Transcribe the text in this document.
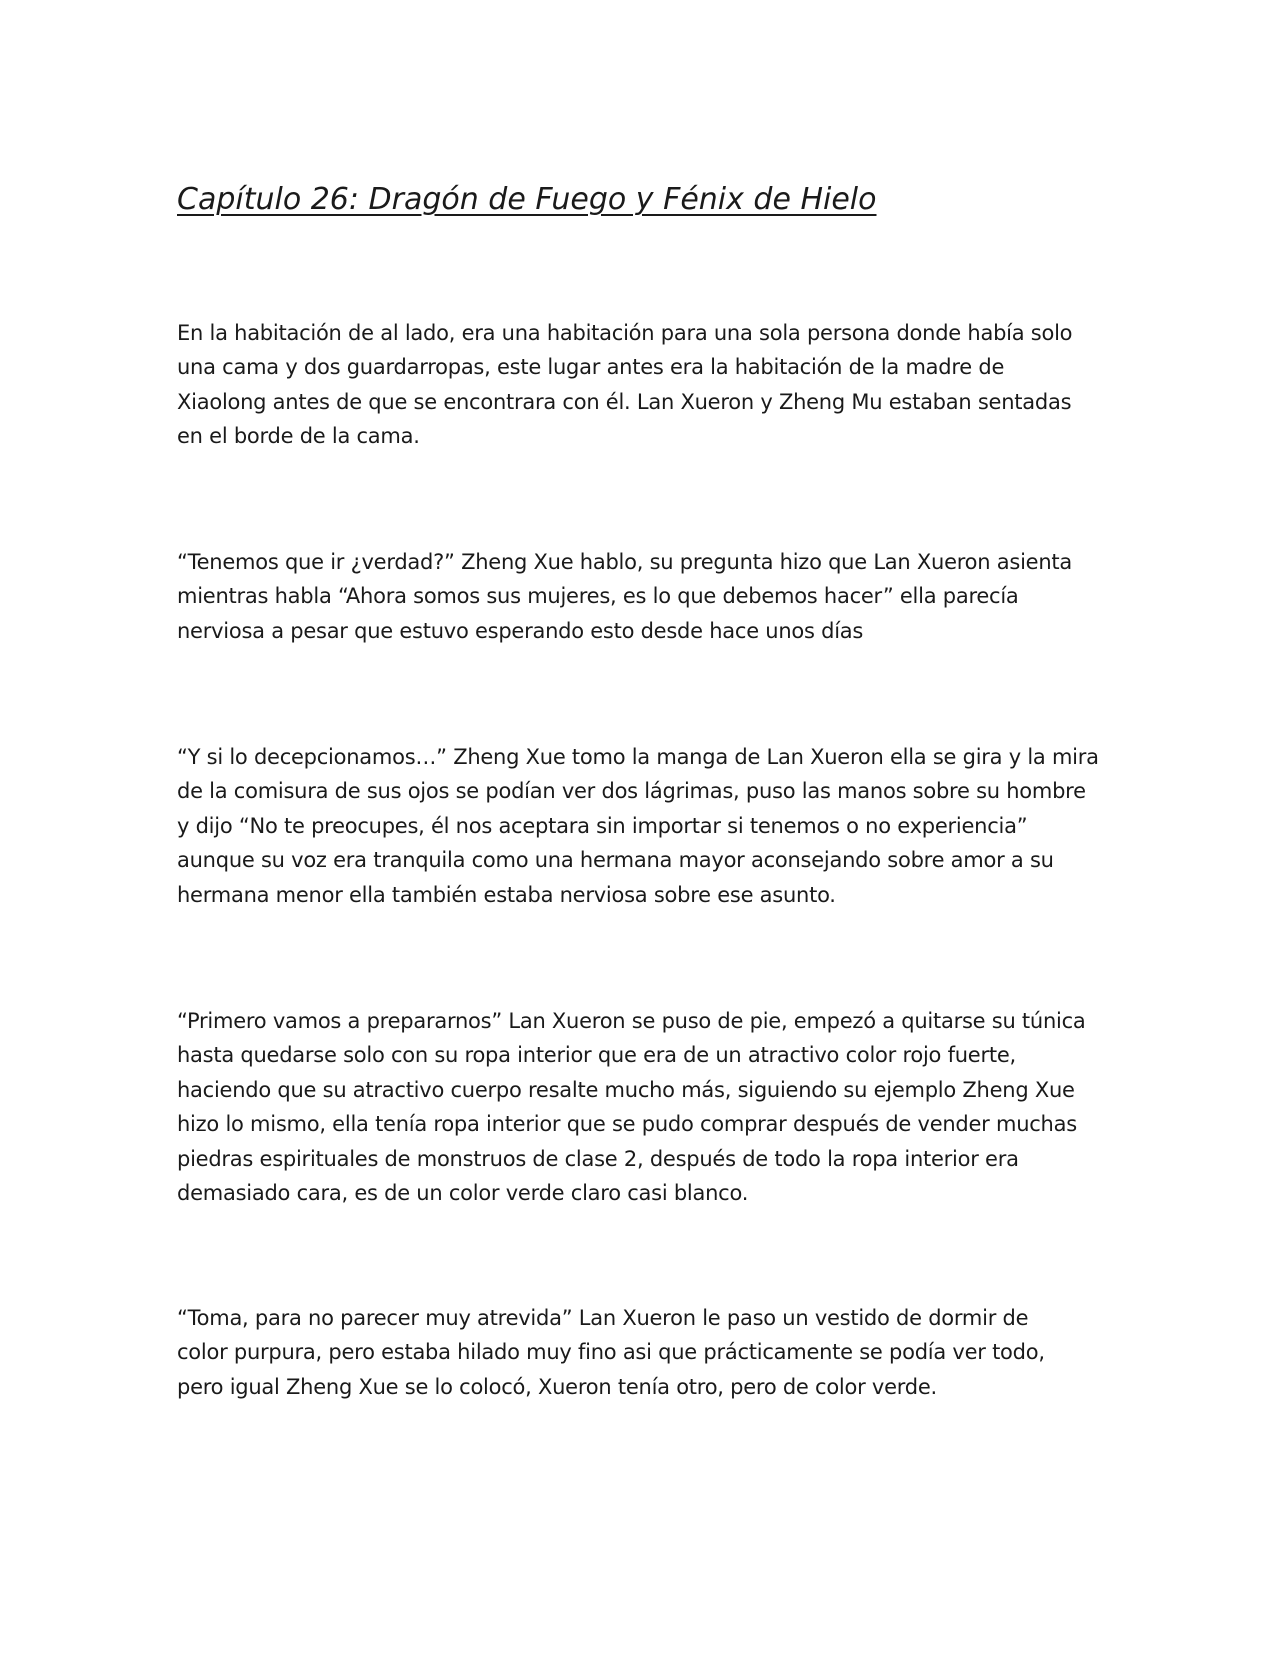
Capítulo 26: Dragón de Fuego y Fénix de Hielo
En la habitación de al lado, era una habitación para una sola persona donde había solo
una cama y dos guardarropas, este lugar antes era la habitación de la madre de
Xiaolong antes de que se encontrara con él. Lan Xueron y Zheng Mu estaban sentadas
en el borde de la cama.
“Tenemos que ir ¿verdad?” Zheng Xue hablo, su pregunta hizo que Lan Xueron asienta
mientras habla “Ahora somos sus mujeres, es lo que debemos hacer” ella parecía
nerviosa a pesar que estuvo esperando esto desde hace unos días
“Y si lo decepcionamos…” Zheng Xue tomo la manga de Lan Xueron ella se gira y la mira
de la comisura de sus ojos se podían ver dos lágrimas, puso las manos sobre su hombre
y dijo “No te preocupes, él nos aceptara sin importar si tenemos o no experiencia”
aunque su voz era tranquila como una hermana mayor aconsejando sobre amor a su
hermana menor ella también estaba nerviosa sobre ese asunto.
“Primero vamos a prepararnos” Lan Xueron se puso de pie, empezó a quitarse su túnica
hasta quedarse solo con su ropa interior que era de un atractivo color rojo fuerte,
haciendo que su atractivo cuerpo resalte mucho más, siguiendo su ejemplo Zheng Xue
hizo lo mismo, ella tenía ropa interior que se pudo comprar después de vender muchas
piedras espirituales de monstruos de clase 2, después de todo la ropa interior era
demasiado cara, es de un color verde claro casi blanco.
“Toma, para no parecer muy atrevida” Lan Xueron le paso un vestido de dormir de
color purpura, pero estaba hilado muy fino asi que prácticamente se podía ver todo,
pero igual Zheng Xue se lo colocó, Xueron tenía otro, pero de color verde.
